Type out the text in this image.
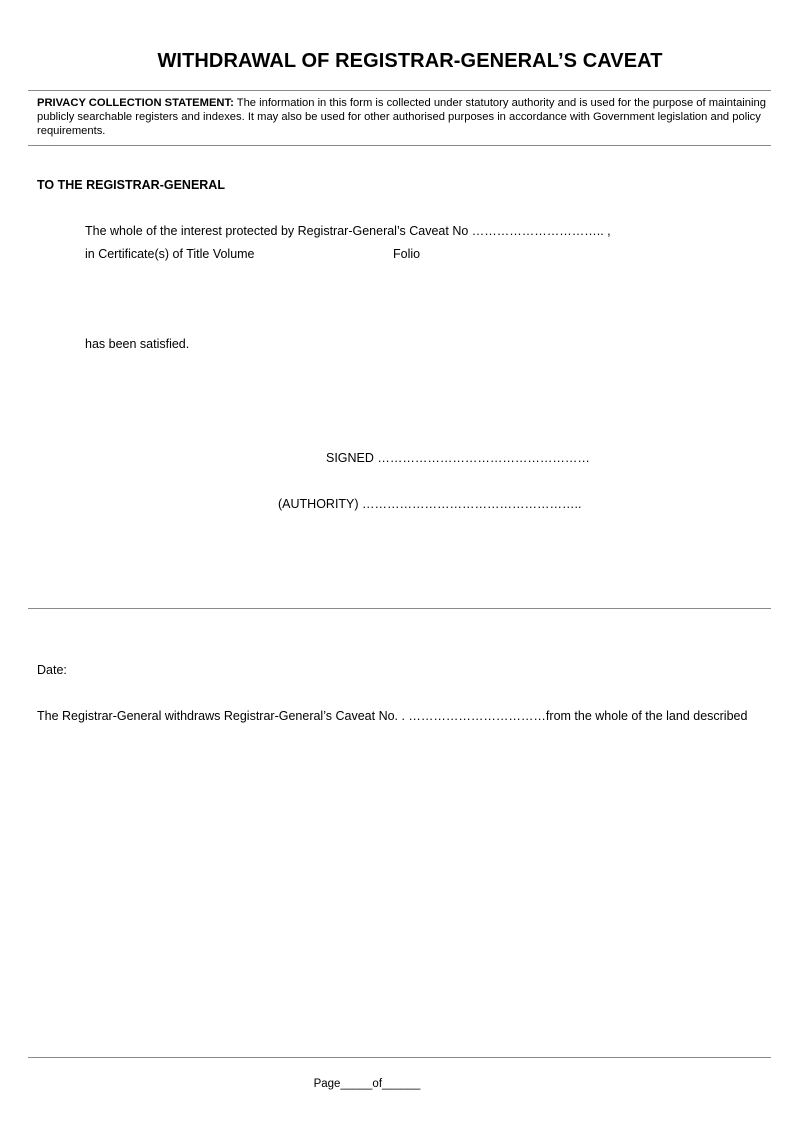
WITHDRAWAL OF REGISTRAR-GENERAL’S CAVEAT
PRIVACY COLLECTION STATEMENT: The information in this form is collected under statutory authority and is used for the purpose of maintaining publicly searchable registers and indexes. It may also be used for other authorised purposes in accordance with Government legislation and policy requirements.
TO THE REGISTRAR-GENERAL
The whole of the interest protected by Registrar-General’s Caveat No ………………………….. ,
in Certificate(s) of Title Volume	Folio
has been satisfied.
SIGNED ……………………………………………
(AUTHORITY) ……………………………………………..
Date:
The Registrar-General withdraws Registrar-General’s Caveat No. . ……………………………from the whole of the land described
Page_____of______
